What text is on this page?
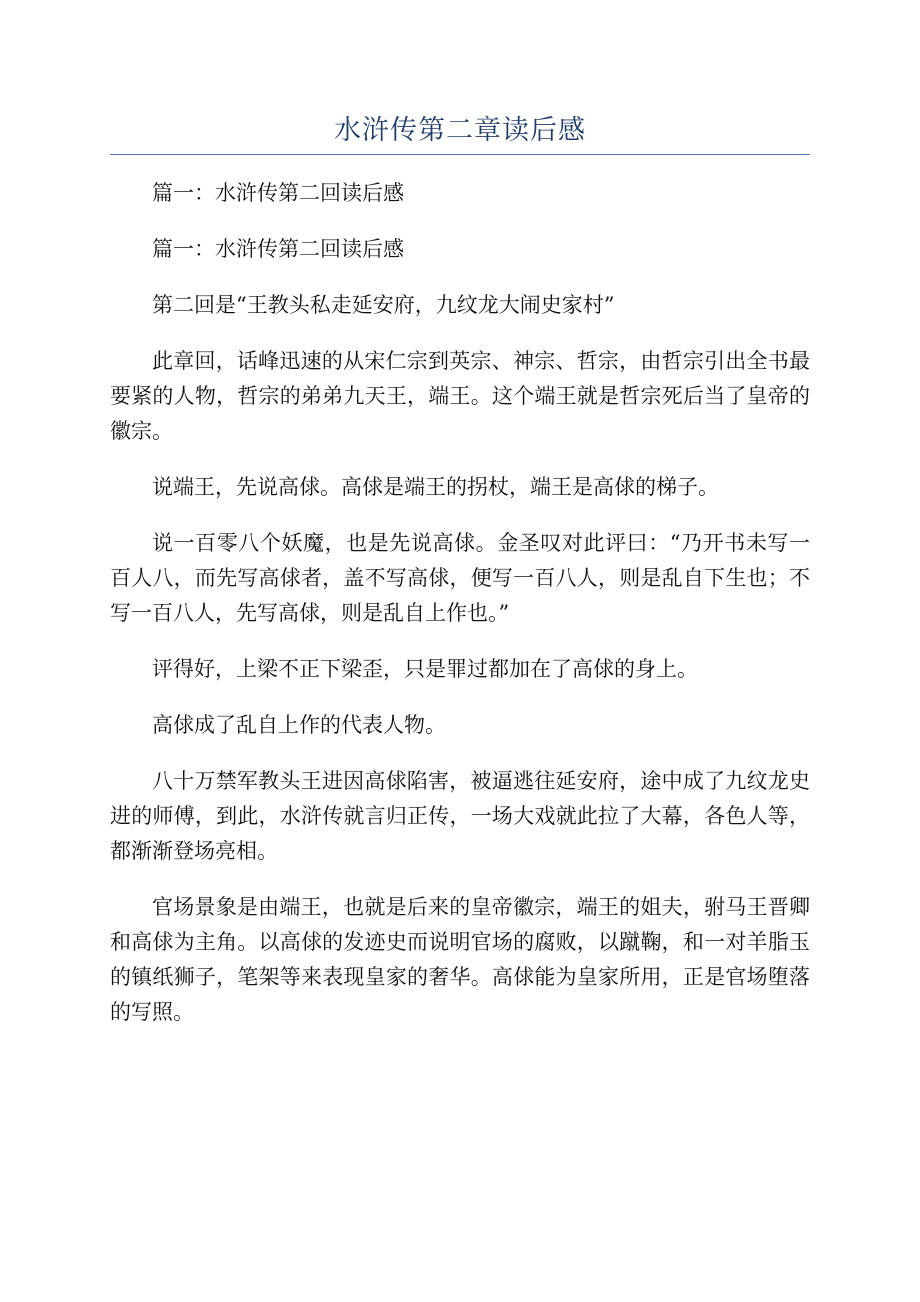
水浒传第二章读后感

篇一：水浒传第二回读后感

篇一：水浒传第二回读后感

第二回是“王教头私走延安府，九纹龙大闹史家村”

此章回，话峰迅速的从宋仁宗到英宗、神宗、哲宗，由哲宗引出全书最要紧的人物，哲宗的弟弟九天王，端王。这个端王就是哲宗死后当了皇帝的徽宗。

说端王，先说高俅。高俅是端王的拐杖，端王是高俅的梯子。

说一百零八个妖魔，也是先说高俅。金圣叹对此评曰：“乃开书未写一百人八，而先写高俅者，盖不写高俅，便写一百八人，则是乱自下生也；不写一百八人，先写高俅，则是乱自上作也。”

评得好，上梁不正下梁歪，只是罪过都加在了高俅的身上。

高俅成了乱自上作的代表人物。

八十万禁军教头王进因高俅陷害，被逼逃往延安府，途中成了九纹龙史进的师傅，到此，水浒传就言归正传，一场大戏就此拉了大幕，各色人等，都渐渐登场亮相。

官场景象是由端王，也就是后来的皇帝徽宗，端王的姐夫，驸马王晋卿和高俅为主角。以高俅的发迹史而说明官场的腐败，以蹴鞠，和一对羊脂玉的镇纸狮子，笔架等来表现皇家的奢华。高俅能为皇家所用，正是官场堕落的写照。
